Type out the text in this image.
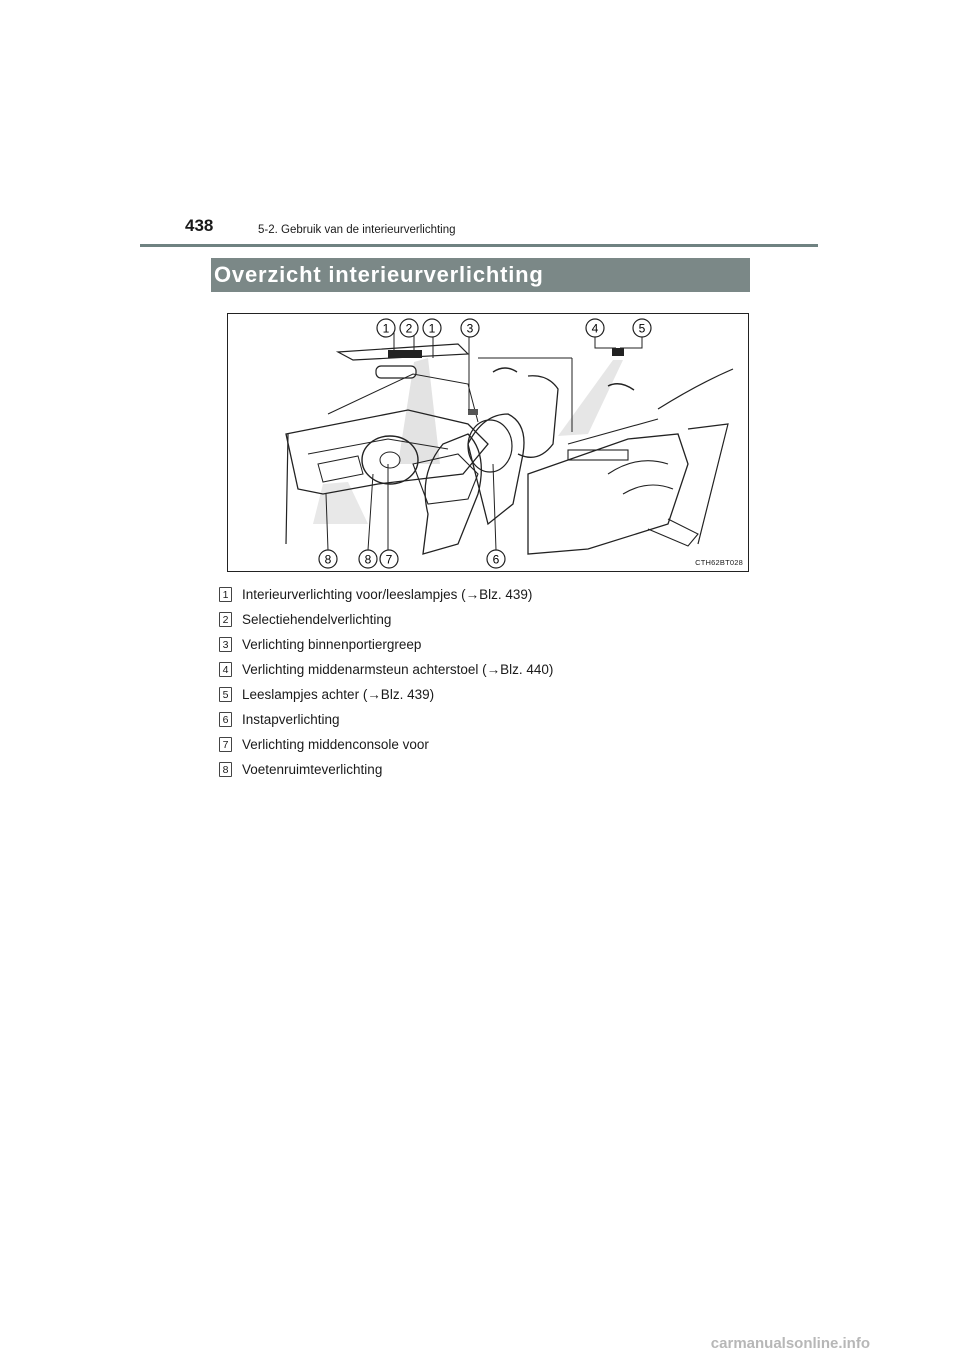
438	5-2. Gebruik van de interieurverlichting
Overzicht interieurverlichting
1 2 1	3	4	5
8	8 7	6	CTH62BT028
1 Interieurverlichting voor/leeslampjes (→Blz. 439)
2 Selectiehendelverlichting
3 Verlichting binnenportiergreep
4 Verlichting middenarmsteun achterstoel (→Blz. 440)
5 Leeslampjes achter (→Blz. 439)
6 Instapverlichting
7 Verlichting middenconsole voor
8 Voetenruimteverlichting
carmanualsonline.info
